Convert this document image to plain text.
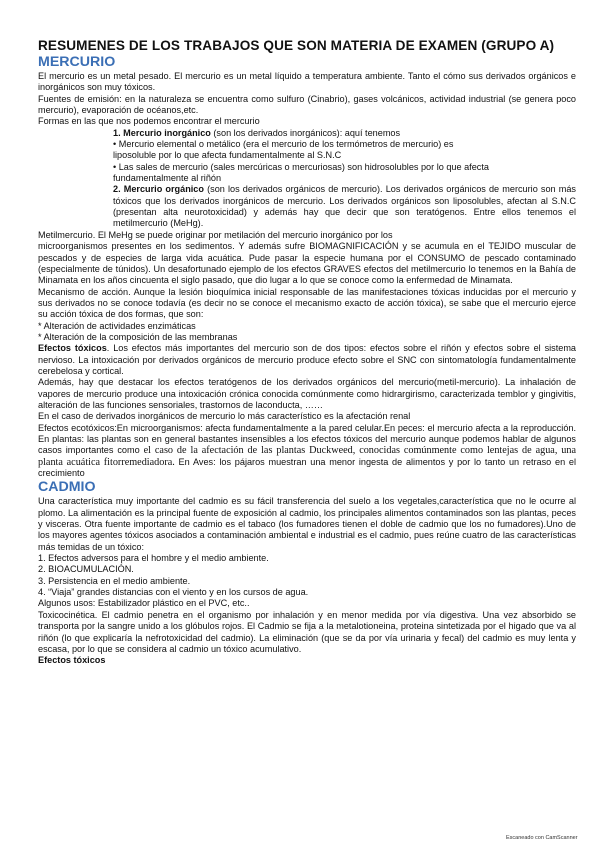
RESUMENES DE LOS TRABAJOS QUE SON MATERIA DE EXAMEN (GRUPO A)
MERCURIO

El mercurio es un metal pesado. El mercurio es un metal líquido a temperatura ambiente. Tanto el cómo sus derivados orgánicos e inorgánicos son muy tóxicos.

Fuentes de emisión: en la naturaleza se encuentra como sulfuro (Cinabrio), gases volcánicos, actividad industrial (se genera poco mercurio), evaporación de océanos,etc.

Formas en las que nos podemos encontrar el mercurio

1. Mercurio inorgánico (son los derivados inorgánicos): aquí tenemos

• Mercurio elemental o metálico (era el mercurio de los termómetros de mercurio) es

liposoluble por lo que afecta fundamentalmente al S.N.C

• Las sales de mercurio (sales mercúricas o mercuriosas) son hidrosolubles por lo que afecta

fundamentalmente al riñón

2. Mercurio orgánico (son los derivados orgánicos de mercurio). Los derivados orgánicos de mercurio son más tóxicos que los derivados inorgánicos de mercurio. Los derivados orgánicos son liposolubles, afectan al S.N.C (presentan alta neurotoxicidad) y además hay que decir que son teratógenos. Entre ellos tenemos el metilmercurio (MeHg).

Metilmercurio. El MeHg se puede originar por metilación del mercurio inorgánico por los

microorganismos presentes en los sedimentos. Y además sufre BIOMAGNIFICACIÓN y se acumula en el TEJIDO muscular de pescados y de especies de larga vida acuática. Pude pasar la especie humana por el CONSUMO de pescado contaminado (especialmente de túnidos). Un desafortunado ejemplo de los efectos GRAVES efectos del metilmercurio lo tenemos en la Bahía de Minamata en los años cincuenta el siglo pasado, que dio lugar a lo que se conoce como la enfermedad de Minamata.

Mecanismo de acción. Aunque la lesión bioquímica inicial responsable de las manifestaciones tóxicas inducidas por el mercurio y sus derivados no se conoce todavía (es decir no se conoce el mecanismo exacto de acción tóxica), se sabe que el mercurio ejerce su acción tóxica de dos formas, que son:

* Alteración de actividades enzimáticas

* Alteración de la composición de las membranas

Efectos tóxicos. Los efectos más importantes del mercurio son de dos tipos: efectos sobre el riñón y efectos sobre el sistema nervioso. La intoxicación por derivados orgánicos de mercurio produce efecto sobre el SNC con sintomatología fundamentalmente cerebelosa y cortical.

Además, hay que destacar los efectos teratógenos de los derivados orgánicos del mercurio(metil-mercurio). La inhalación de vapores de mercurio produce una intoxicación crónica conocida comúnmente como hidrargirismo, caracterizada temblor y gingivitis, alteración de las funciones sensoriales, trastornos de laconducta, ……

En el caso de derivados inorgánicos de mercurio lo más característico es la afectación renal

Efectos ecotóxicos:En microorganismos: afecta fundamentalmente a la pared celular.En peces: el mercurio afecta a la reproducción. En plantas: las plantas son en general bastantes insensibles a los efectos tóxicos del mercurio aunque podemos hablar de algunos casos importantes como el caso de la afectación de las plantas Duckweed, conocidas comúnmente como lentejas de agua, una planta acuática fitorremediadora. En Aves: los pájaros muestran una menor ingesta de alimentos y por lo tanto un retraso en el crecimiento

CADMIO

Una característica muy importante del cadmio es su fácil transferencia del suelo a los vegetales,característica que no le ocurre al plomo. La alimentación es la principal fuente de exposición al cadmio, los principales alimentos contaminados son las plantas, peces y visceras. Otra fuente importante de cadmio es el tabaco (los fumadores tienen el doble de cadmio que los no fumadores).Uno de los mayores agentes tóxicos asociados a contaminación ambiental e industrial es el cadmio, pues reúne cuatro de las características más temidas de un tóxico:

1. Efectos adversos para el hombre y el medio ambiente.

2. BIOACUMULACIÓN.

3. Persistencia en el medio ambiente.

4. “Viaja” grandes distancias con el viento y en los cursos de agua.

Algunos usos: Estabilizador plástico en el PVC, etc..

Toxicocinética. El cadmio penetra en el organismo por inhalación y en menor medida por vía digestiva. Una vez absorbido se transporta por la sangre unido a los glóbulos rojos. El Cadmio se fija a la metalotioneina, proteina sintetizada por el higado que va al riñón (lo que explicaría la nefrotoxicidad del cadmio). La eliminación (que se da por vía urinaria y fecal) del cadmio es muy lenta y escasa, por lo que se considera al cadmio un tóxico acumulativo.

Efectos tóxicos

Escaneado con CamScanner
